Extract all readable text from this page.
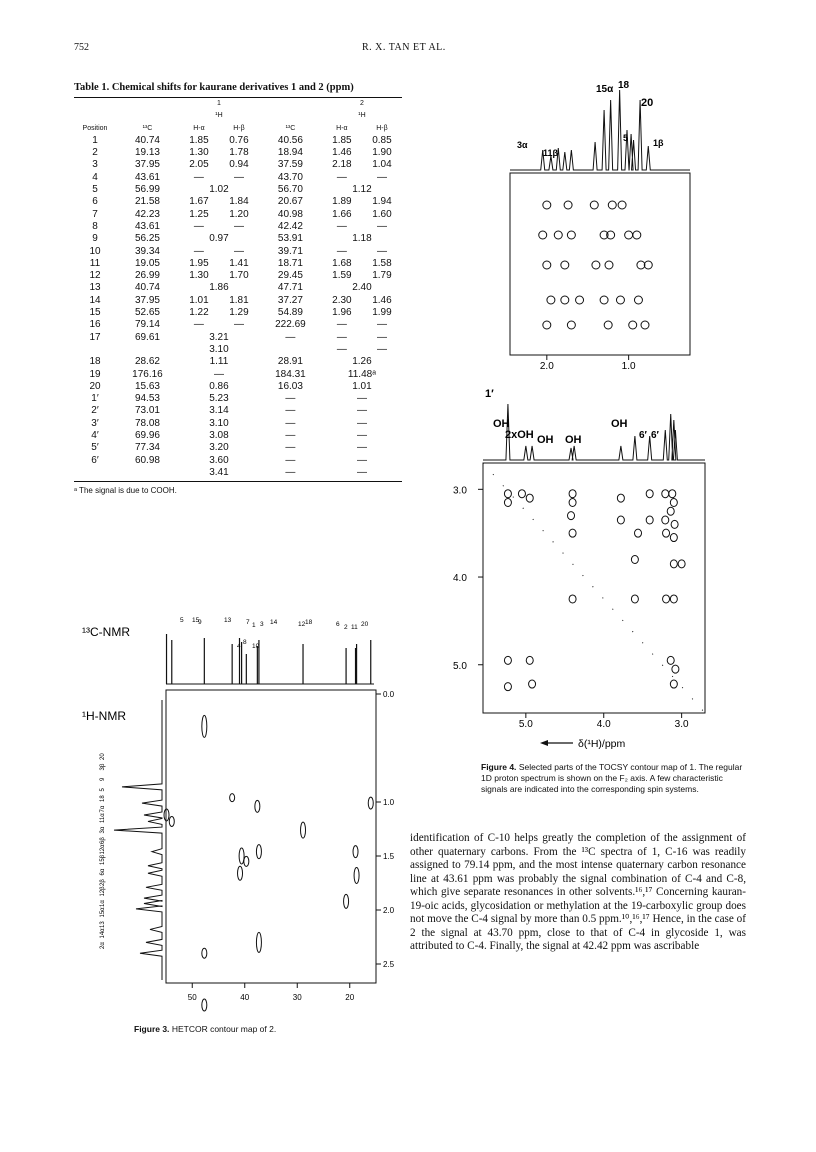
752	R. X. TAN ET AL.
Table 1. Chemical shifts for kaurane derivatives 1 and 2 (ppm)
		1			2	
		¹H			¹H	
Position	¹³C	H-α	H-β	¹³C	H-α	H-β
1	40.74	1.85	0.76	40.56	1.85	0.85
2	19.13	1.30	1.78	18.94	1.46	1.90
3	37.95	2.05	0.94	37.59	2.18	1.04
4	43.61	—	—	43.70	—	—
5	56.99	1.02		56.70	1.12	
6	21.58	1.67	1.84	20.67	1.89	1.94
7	42.23	1.25	1.20	40.98	1.66	1.60
8	43.61	—	—	42.42	—	—
9	56.25	0.97		53.91	1.18	
10	39.34	—	—	39.71	—	—
11	19.05	1.95	1.41	18.71	1.68	1.58
12	26.99	1.30	1.70	29.45	1.59	1.79
13	40.74	1.86		47.71	2.40	
14	37.95	1.01	1.81	37.27	2.30	1.46
15	52.65	1.22	1.29	54.89	1.96	1.99
16	79.14	—	—	222.69	—	—
17	69.61	3.21		—	—	—
		3.10			—	—
18	28.62	1.11		28.91	1.26	
19	176.16	—		184.31	11.48ᵃ	
20	15.63	0.86		16.03	1.01	
1′	94.53	5.23		—	—	
2′	73.01	3.14		—	—	
3′	78.08	3.10		—	—	
4′	69.96	3.08		—	—	
5′	77.34	3.20		—	—	
6′	60.98	3.60		—	—	
		3.41		—	—	
ᵃ The signal is due to COOH.
¹³C-NMR
¹H-NMR
5 15
9	13 7 1 3 14
4
8
10
12 18	6 2 11 20
50	40	30	20
0.0
1.0
1.5
2.0
2.5
20
3β
9
5
18
7α
11α
3α
6β
12α
15β
6α
2β
12β
1α
15α
13
14α
2α
Figure 3. HETCOR contour map of 2.
15α 18
20
3α
11β
5	1β
2.0	1.0
1′
2xOH
OH
OH OH
OH
6′ 6′
5.0	4.0	3.0
3.0
4.0
5.0
δ(¹H)/ppm
Figure 4. Selected parts of the TOCSY contour map of 1. The regular 1D proton spectrum is shown on the F₂ axis. A few characteristic signals are indicated into the corresponding spin systems.
identification of C-10 helps greatly the completion of the assignment of other quaternary carbons. From the ¹³C spectra of 1, C-16 was readily assigned to 79.14 ppm, and the most intense quaternary carbon resonance line at 43.61 ppm was probably the signal combination of C-4 and C-8, which give separate resonances in other solvents.¹⁶,¹⁷ Concerning kauran-19-oic acids, glycosidation or methylation at the 19-carboxylic group does not move the C-4 signal by more than 0.5 ppm.¹⁰,¹⁶,¹⁷ Hence, in the case of 2 the signal at 43.70 ppm, close to that of C-4 in glycoside 1, was attributed to C-4. Finally, the signal at 42.42 ppm was ascribable
